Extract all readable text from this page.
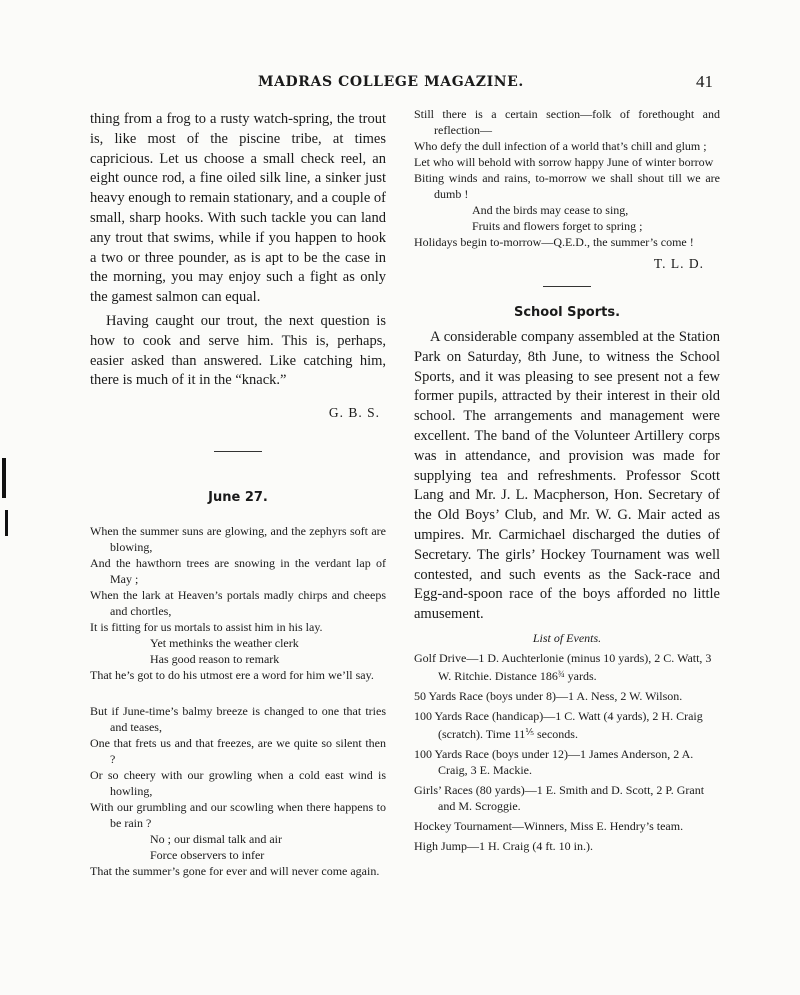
MADRAS COLLEGE MAGAZINE.	41

thing from a frog to a rusty watch-spring, the trout is, like most of the piscine tribe, at times capricious. Let us choose a small check reel, an eight ounce rod, a fine oiled silk line, a sinker just heavy enough to remain stationary, and a couple of small, sharp hooks. With such tackle you can land any trout that swims, while if you happen to hook a two or three pounder, as is apt to be the case in the morning, you may enjoy such a fight as only the gamest salmon can equal.

Having caught our trout, the next question is how to cook and serve him. This is, perhaps, easier asked than answered. Like catching him, there is much of it in the “knack.”

G. B. S.
June 27.
When the summer suns are glowing, and the zephyrs soft are blowing,
And the hawthorn trees are snowing in the verdant lap of May ;
When the lark at Heaven’s portals madly chirps and cheeps and chortles,
It is fitting for us mortals to assist him in his lay.
Yet methinks the weather clerk
Has good reason to remark
That he’s got to do his utmost ere a word for him we’ll say.
But if June-time’s balmy breeze is changed to one that tries and teases,
One that frets us and that freezes, are we quite so silent then ?
Or so cheery with our growling when a cold east wind is howling,
With our grumbling and our scowling when there happens to be rain ?
No ; our dismal talk and air
Force observers to infer
That the summer’s gone for ever and will never come again.
Still there is a certain section—folk of forethought and reflection—
Who defy the dull infection of a world that’s chill and glum ;
Let who will behold with sorrow happy June of winter borrow
Biting winds and rains, to-morrow we shall shout till we are dumb !
And the birds may cease to sing,
Fruits and flowers forget to spring ;
Holidays begin to-morrow—Q.E.D., the summer’s come !
T. L. D.
School Sports.

A considerable company assembled at the Station Park on Saturday, 8th June, to witness the School Sports, and it was pleasing to see present not a few former pupils, attracted by their interest in their old school. The arrangements and management were excellent. The band of the Volunteer Artillery corps was in attendance, and provision was made for supplying tea and refreshments. Professor Scott Lang and Mr. J. L. Macpherson, Hon. Secretary of the Old Boys’ Club, and Mr. W. G. Mair acted as umpires. Mr. Carmichael discharged the duties of Secretary. The girls’ Hockey Tournament was well contested, and such events as the Sack-race and Egg-and-spoon race of the boys afforded no little amusement.

List of Events.
Golf Drive—1 D. Auchterlonie (minus 10 yards), 2 C. Watt, 3 W. Ritchie. Distance $186^{\frac{3}{4}}$ yards.
50 Yards Race (boys under 8)—1 A. Ness, 2 W. Wilson.
100 Yards Race (handicap)—1 C. Watt (4 yards), 2 H. Craig (scratch). Time $11^{\frac{1}{5}}$ seconds.
100 Yards Race (boys under 12)—1 James Anderson, 2 A. Craig, 3 E. Mackie.
Girls’ Races (80 yards)—1 E. Smith and D. Scott, 2 P. Grant and M. Scroggie.
Hockey Tournament—Winners, Miss E. Hendry’s team.
High Jump—1 H. Craig (4 ft. 10 in.).
